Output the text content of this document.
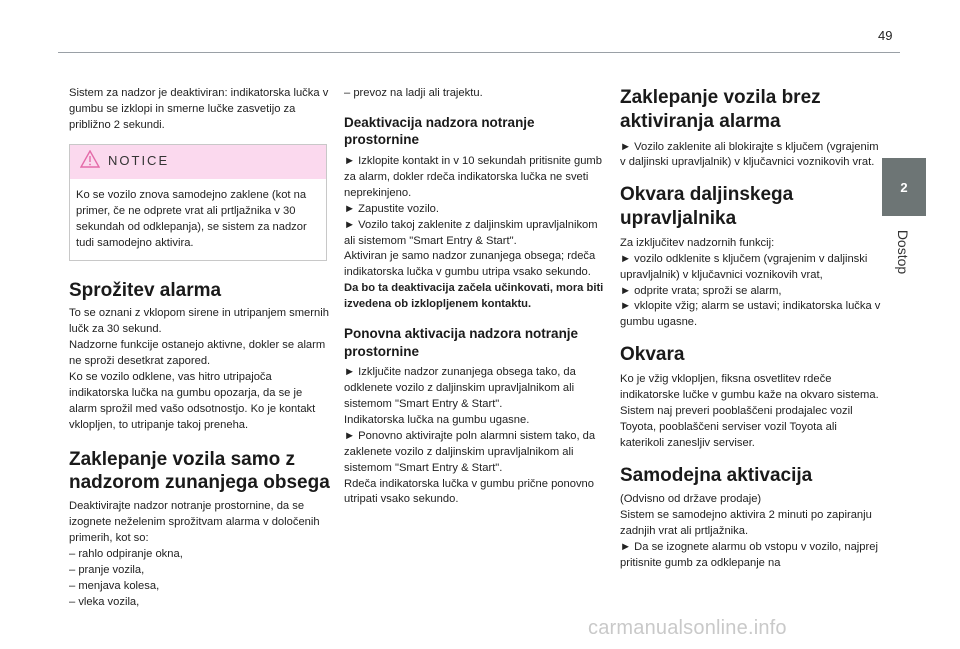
49
2
Dostop

Sistem za nadzor je deaktiviran: indikatorska lučka v gumbu se izklopi in smerne lučke zasvetijo za približno 2 sekundi.

NOTICE
Ko se vozilo znova samodejno zaklene (kot na primer, če ne odprete vrat ali prtljažnika v 30 sekundah od odklepanja), se sistem za nadzor tudi samodejno aktivira.
Sprožitev alarma

To se oznani z vklopom sirene in utripanjem smernih lučk za 30 sekund.

Nadzorne funkcije ostanejo aktivne, dokler se alarm ne sproži desetkrat zapored.

Ko se vozilo odklene, vas hitro utripajoča indikatorska lučka na gumbu opozarja, da se je alarm sprožil med vašo odsotnostjo. Ko je kontakt vklopljen, to utripanje takoj preneha.

Zaklepanje vozila samo z nadzorom zunanjega obsega

Deaktivirajte nadzor notranje prostornine, da se izognete neželenim sprožitvam alarma v določenih primerih, kot so:

– rahlo odpiranje okna,

– pranje vozila,

– menjava kolesa,

– vleka vozila,

– prevoz na ladji ali trajektu.

Deaktivacija nadzora notranje prostornine

► Izklopite kontakt in v 10 sekundah pritisnite gumb za alarm, dokler rdeča indikatorska lučka ne sveti neprekinjeno.

► Zapustite vozilo.

► Vozilo takoj zaklenite z daljinskim upravljalnikom ali sistemom "Smart Entry & Start".

Aktiviran je samo nadzor zunanjega obsega; rdeča indikatorska lučka v gumbu utripa vsako sekundo.

Da bo ta deaktivacija začela učinkovati, mora biti izvedena ob izklopljenem kontaktu.

Ponovna aktivacija nadzora notranje prostornine

► Izključite nadzor zunanjega obsega tako, da odklenete vozilo z daljinskim upravljalnikom ali sistemom "Smart Entry & Start".

Indikatorska lučka na gumbu ugasne.

► Ponovno aktivirajte poln alarmni sistem tako, da zaklenete vozilo z daljinskim upravljalnikom ali sistemom "Smart Entry & Start".

Rdeča indikatorska lučka v gumbu prične ponovno utripati vsako sekundo.

Zaklepanje vozila brez aktiviranja alarma

► Vozilo zaklenite ali blokirajte s ključem (vgrajenim v daljinski upravljalnik) v ključavnici voznikovih vrat.

Okvara daljinskega upravljalnika

Za izključitev nadzornih funkcij:

► vozilo odklenite s ključem (vgrajenim v daljinski upravljalnik) v ključavnici voznikovih vrat,

► odprite vrata; sproži se alarm,

► vklopite vžig; alarm se ustavi; indikatorska lučka v gumbu ugasne.

Okvara

Ko je vžig vklopljen, fiksna osvetlitev rdeče indikatorske lučke v gumbu kaže na okvaro sistema.

Sistem naj preveri pooblaščeni prodajalec vozil Toyota, pooblaščeni serviser vozil Toyota ali katerikoli zanesljiv serviser.

Samodejna aktivacija

(Odvisno od države prodaje)

Sistem se samodejno aktivira 2 minuti po zapiranju zadnjih vrat ali prtljažnika.

► Da se izognete alarmu ob vstopu v vozilo, najprej pritisnite gumb za odklepanje na

carmanualsonline.info
